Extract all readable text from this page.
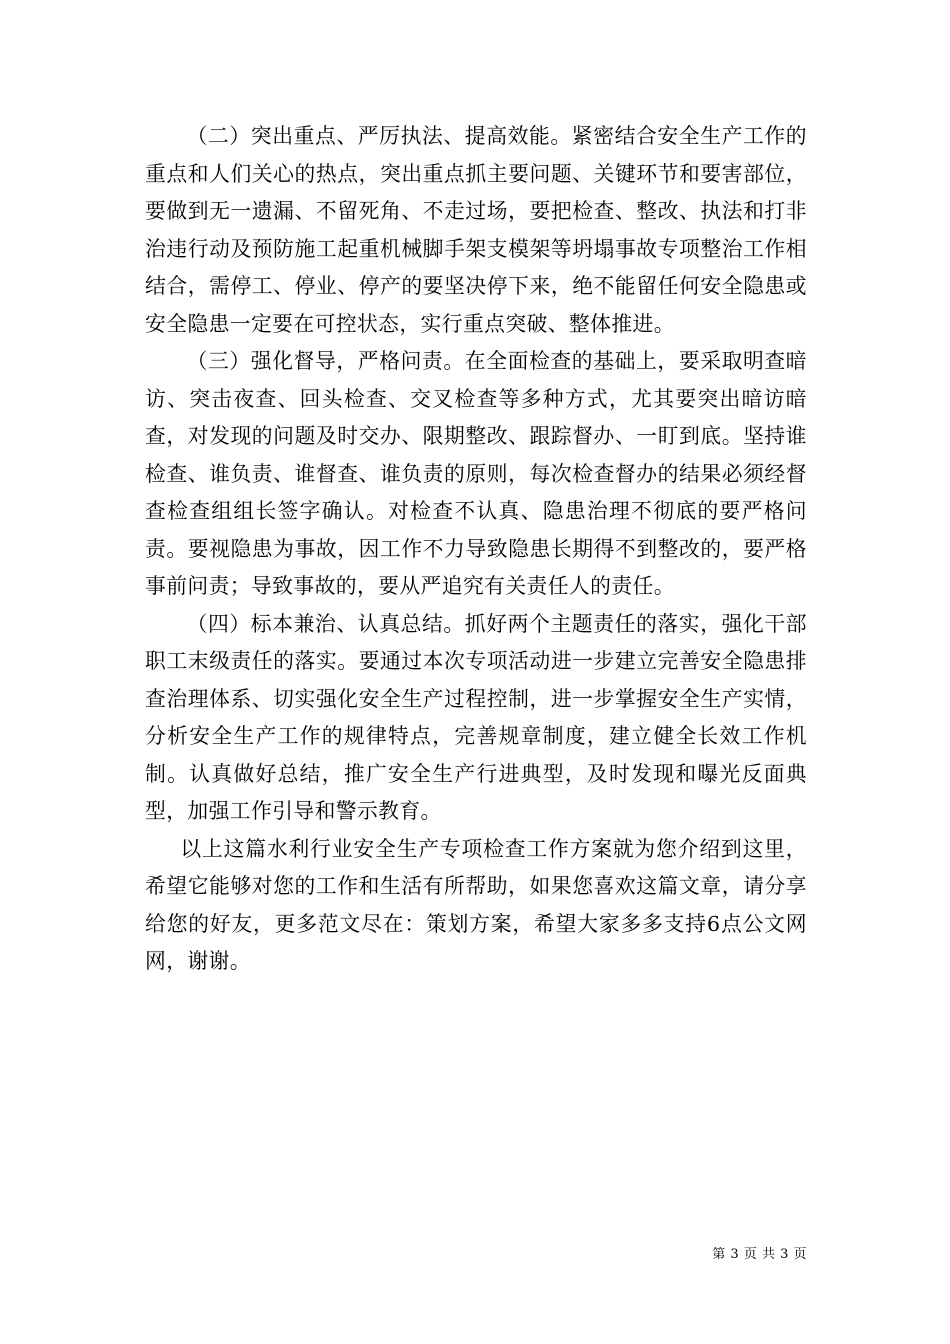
（二）突出重点、严厉执法、提高效能。紧密结合安全生产工作的重点和人们关心的热点，突出重点抓主要问题、关键环节和要害部位，要做到无一遗漏、不留死角、不走过场，要把检查、整改、执法和打非治违行动及预防施工起重机械脚手架支模架等坍塌事故专项整治工作相结合，需停工、停业、停产的要坚决停下来，绝不能留任何安全隐患或安全隐患一定要在可控状态，实行重点突破、整体推进。

（三）强化督导，严格问责。在全面检查的基础上，要采取明查暗访、突击夜查、回头检查、交叉检查等多种方式，尤其要突出暗访暗查，对发现的问题及时交办、限期整改、跟踪督办、一盯到底。坚持谁检查、谁负责、谁督查、谁负责的原则，每次检查督办的结果必须经督查检查组组长签字确认。对检查不认真、隐患治理不彻底的要严格问责。要视隐患为事故，因工作不力导致隐患长期得不到整改的，要严格事前问责；导致事故的，要从严追究有关责任人的责任。

（四）标本兼治、认真总结。抓好两个主题责任的落实，强化干部职工末级责任的落实。要通过本次专项活动进一步建立完善安全隐患排查治理体系、切实强化安全生产过程控制，进一步掌握安全生产实情，分析安全生产工作的规律特点，完善规章制度，建立健全长效工作机制。认真做好总结，推广安全生产行进典型，及时发现和曝光反面典型，加强工作引导和警示教育。

以上这篇水利行业安全生产专项检查工作方案就为您介绍到这里，希望它能够对您的工作和生活有所帮助，如果您喜欢这篇文章，请分享给您的好友，更多范文尽在：策划方案，希望大家多多支持6点公文网网，谢谢。

第 3 页 共 3 页
